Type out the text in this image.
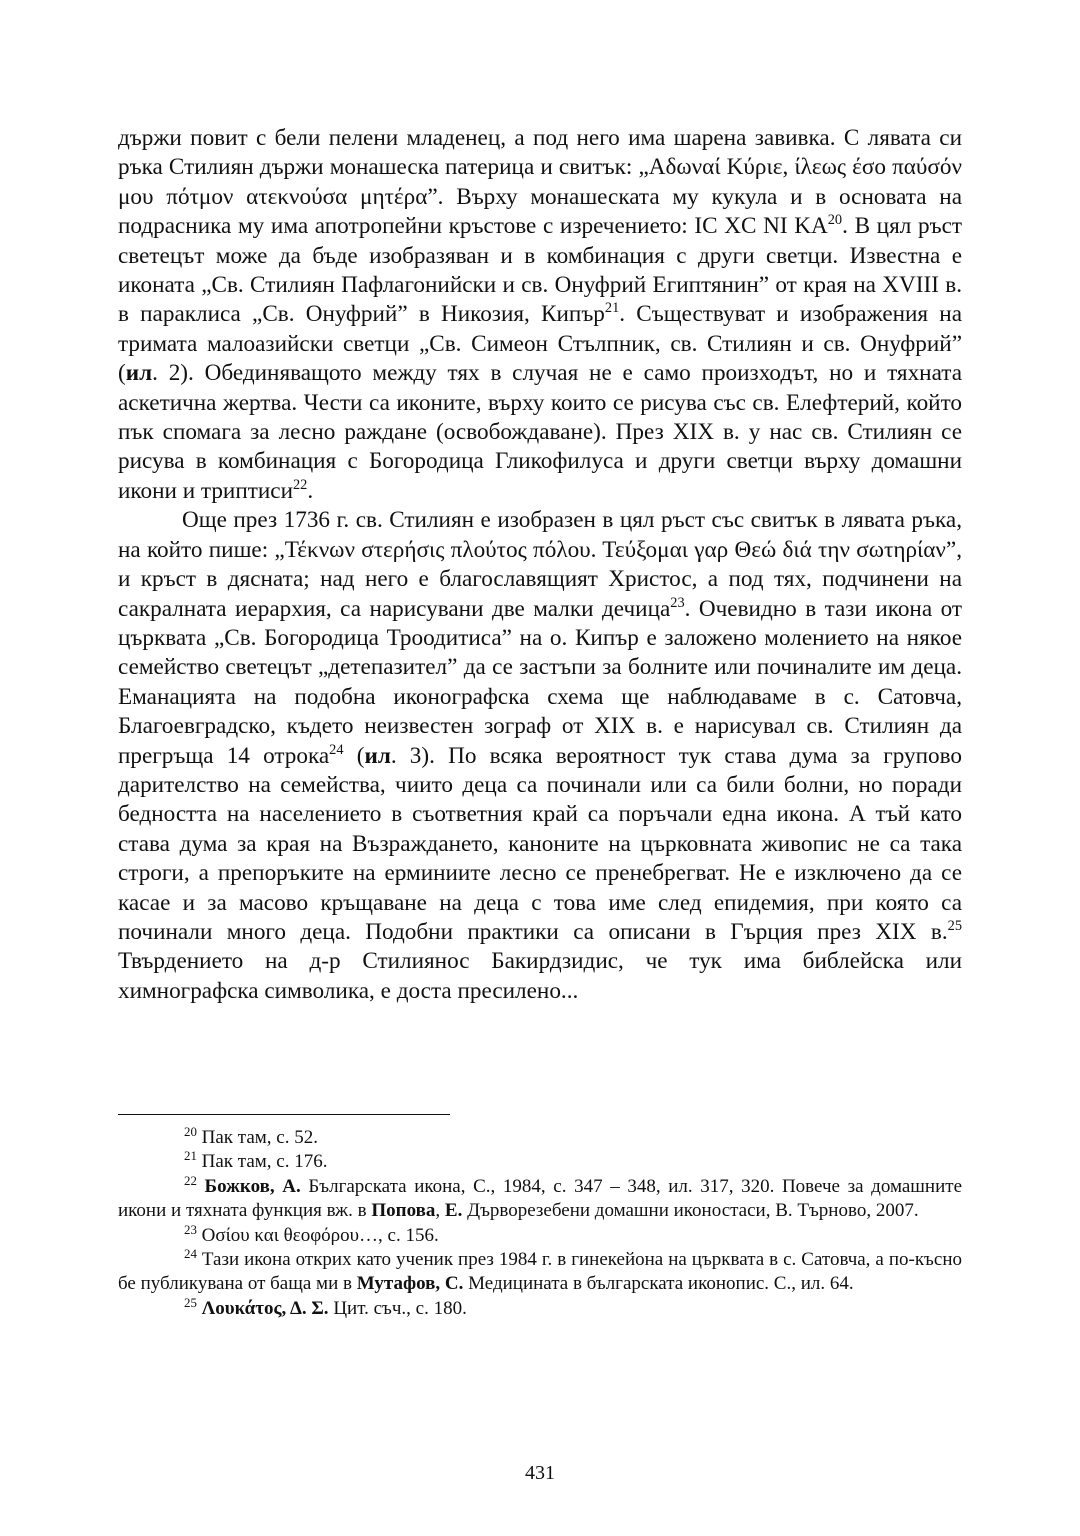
държи повит с бели пелени младенец, а под него има шарена завивка. С лявата си ръка Стилиян държи монашеска патерица и свитък: „Αδωναί Κύριε, ίλεως έσο παύσόν μου πότμον ατεκνούσα μητέρα”. Върху монашеската му кукула и в основата на подрасника му има апотропейни кръстове с изречението: IC XC NI KA$^{20}$. В цял ръст светецът може да бъде изобразяван и в комбинация с други светци. Известна е иконата „Св. Стилиян Пафлагонийски и св. Онуфрий Египтянин” от края на XVIII в. в параклиса „Св. Онуфрий” в Никозия, Кипър$^{21}$. Съществуват и изображения на тримата малоазийски светци „Св. Симеон Стълпник, св. Стилиян и св. Онуфрий” (ил. 2). Обединяващото между тях в случая не е само произходът, но и тяхната аскетична жертва. Чести са иконите, върху които се рисува със св. Елефтерий, който пък спомага за лесно раждане (освобождаване). През XIX в. у нас св. Стилиян се рисува в комбинация с Богородица Гликофилуса и други светци върху домашни икони и триптиси$^{22}$.

Още през 1736 г. св. Стилиян е изобразен в цял ръст със свитък в лявата ръка, на който пише: „Τέκνων στερήσις πλούτος πόλου. Τεύξομαι γαρ Θεώ διά την σωτηρίαν”, и кръст в дясната; над него е благославящият Христос, а под тях, подчинени на сакралната иерархия, са нарисувани две малки дечица$^{23}$. Очевидно в тази икона от църквата „Св. Богородица Троодитиса” на о. Кипър е заложено молението на някое семейство светецът „детепазител” да се застъпи за болните или починалите им деца. Еманацията на подобна иконографска схема ще наблюдаваме в с. Сатовча, Благоевградско, където неизвестен зограф от XIX в. е нарисувал св. Стилиян да прегръща 14 отрока$^{24}$ (ил. 3). По всяка вероятност тук става дума за групово дарителство на семейства, чиито деца са починали или са били болни, но поради бедността на населението в съответния край са поръчали една икона. А тъй като става дума за края на Възраждането, каноните на църковната живопис не са така строги, а препоръките на ерминиите лесно се пренебрегват. Не е изключено да се касае и за масово кръщаване на деца с това име след епидемия, при която са починали много деца. Подобни практики са описани в Гърция през XIX в.$^{25}$ Твърдението на д-р Стилиянос Бакирдзидис, че тук има библейска или химнографска символика, е доста пресилено...

$^{20}$ Пак там, с. 52.

$^{21}$ Пак там, с. 176.

$^{22}$ Божков, А. Българската икона, С., 1984, с. 347 – 348, ил. 317, 320. Повече за домашните икони и тяхната функция вж. в Попова, Е. Дърворезебени домашни иконостаси, В. Търново, 2007.

$^{23}$ Οσίου και θεοφόρου…, с. 156.

$^{24}$ Тази икона открих като ученик през 1984 г. в гинекейона на църквата в с. Сатовча, а по-късно бе публикувана от баща ми в Мутафов, С. Медицината в българската иконопис. С., ил. 64.

$^{25}$ Λουκάτος, Δ. Σ. Цит. съч., с. 180.

431
